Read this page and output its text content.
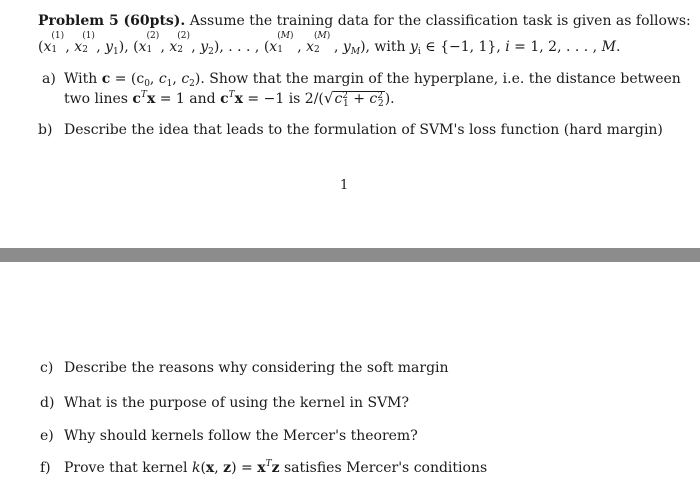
Problem 5 (60pts). Assume the training data for the classification task is given as follows:
(x
(1)
1 , x
(1)
2 , $y_1$), (x
(2)
1 , x
(2)
2 , $y_2$), . . . , (x
(M)
1 , x
(M)
2 , $y_M$), with $y_i$ ∈ {−1, 1}, i = 1, 2, . . . , M.
a) With $c = (c_0$, $c_1$, $c_2$). Show that the margin of the hyperplane, i.e. the distance between
two lines $c^Tx = 1$ and $c^Tx = -1$ is $2/(√c^2_1 + c^2_2)$.
b) Describe the idea that leads to the formulation of SVM's loss function (hard margin)
1
c) Describe the reasons why considering the soft margin
d) What is the purpose of using the kernel in SVM?
e) Why should kernels follow the Mercer's theorem?
f) Prove that kernel k(x, $z) = x^Tz$ satisfies Mercer's conditions
